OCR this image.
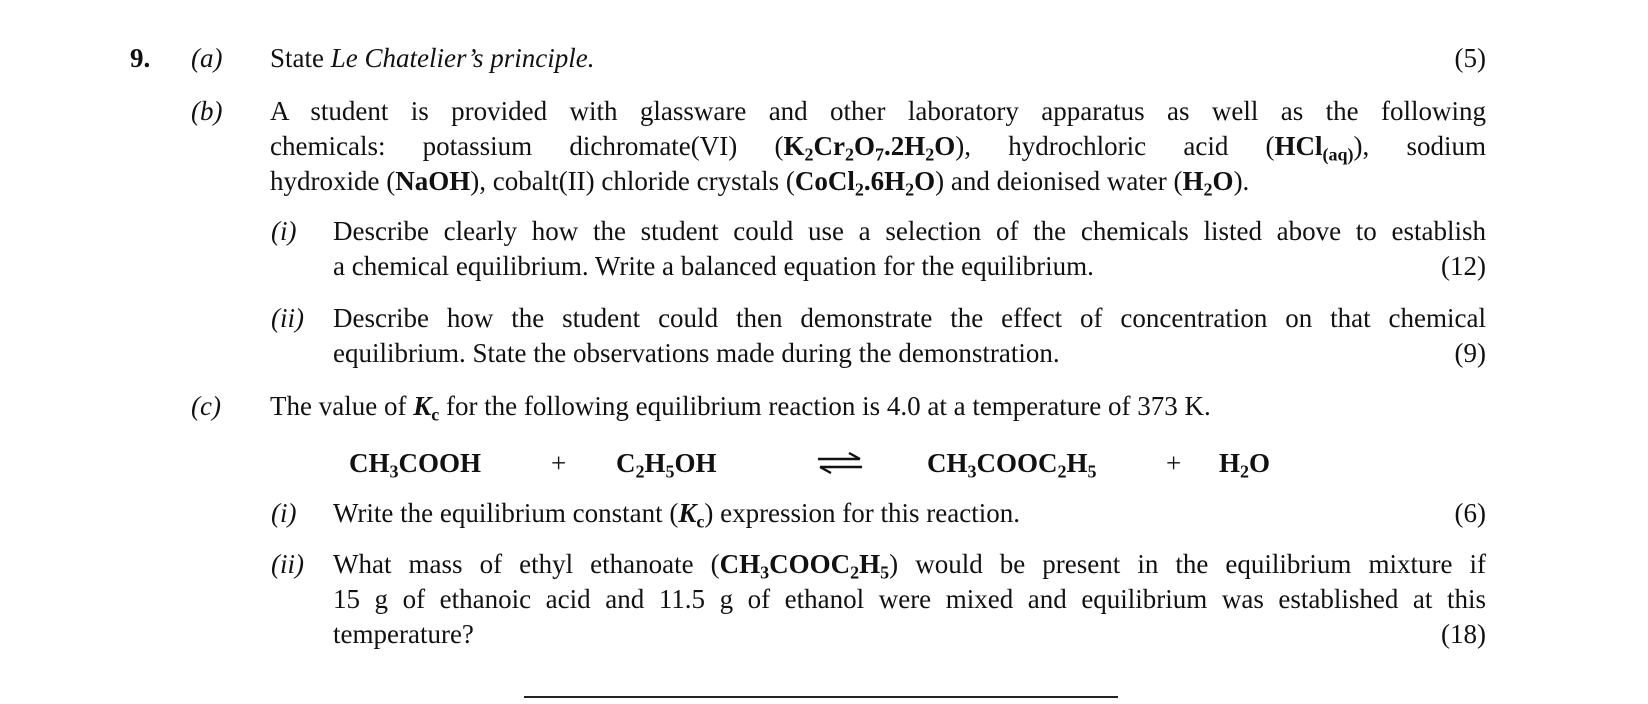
9. (a) State Le Chatelier’s principle.	(5)
(b) A student is provided with glassware and other laboratory apparatus as well as the following
chemicals: potassium dichromate(VI) $(K_2Cr_2O_7.2H_2O)$, hydrochloric acid (HCl$_{(aq)}$), sodium
hydroxide (NaOH), cobalt(II) chloride crystals $(CoCl_2.6H_2O)$ and deionised water $(H_2O)$.
(i) Describe clearly how the student could use a selection of the chemicals listed above to establish
a chemical equilibrium. Write a balanced equation for the equilibrium.	(12)
(ii) Describe how the student could then demonstrate the effect of concentration on that chemical
equilibrium. State the observations made during the demonstration.	(9)
(c) The value of $K_c$ for the following equilibrium reaction is 4.0 at a temperature of 373 K.
$CH_3COOH$	+ $C_2H_5OH$	$CH_3COOC_2H_5$	+ $H_2O$
(i) Write the equilibrium constant $(K_c)$ expression for this reaction.	(6)
(ii) What mass of ethyl ethanoate $(CH_3COOC_2H_5)$ would be present in the equilibrium mixture if
15 g of ethanoic acid and 11.5 g of ethanol were mixed and equilibrium was established at this
temperature?	(18)
